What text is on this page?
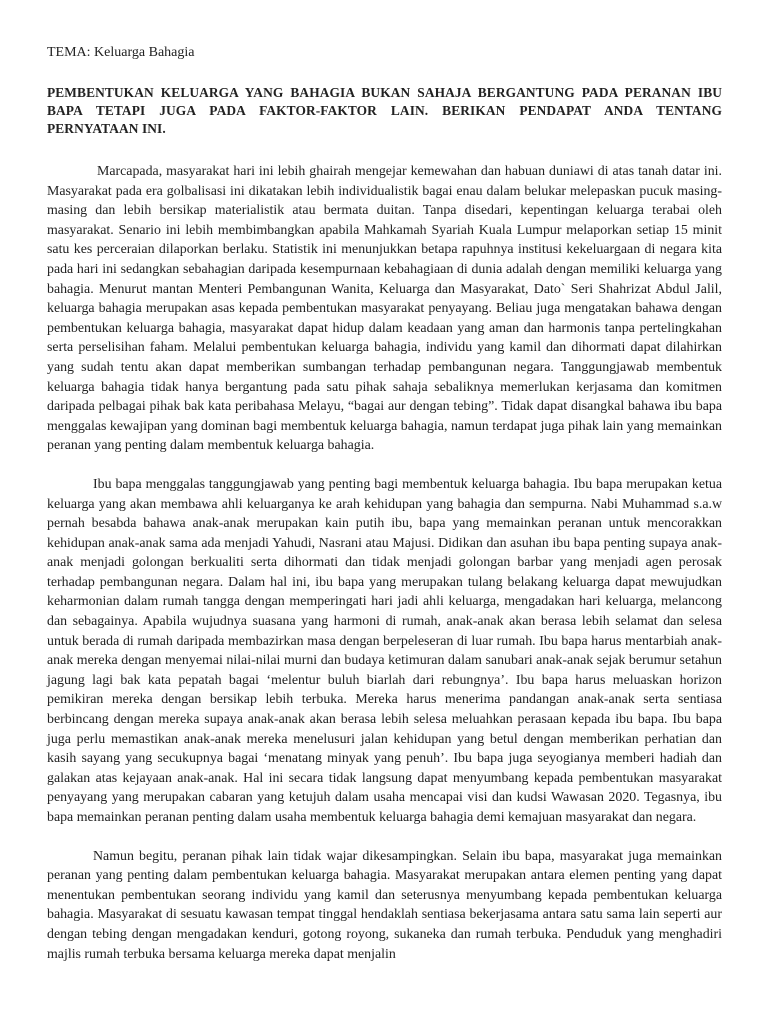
TEMA: Keluarga Bahagia

PEMBENTUKAN KELUARGA YANG BAHAGIA BUKAN SAHAJA BERGANTUNG PADA PERANAN IBU BAPA TETAPI JUGA PADA FAKTOR-FAKTOR LAIN. BERIKAN PENDAPAT ANDA TENTANG PERNYATAAN INI.

Marcapada, masyarakat hari ini lebih ghairah mengejar kemewahan dan habuan duniawi di atas tanah datar ini. Masyarakat pada era golbalisasi ini dikatakan lebih individualistik bagai enau dalam belukar melepaskan pucuk masing-masing dan lebih bersikap materialistik atau bermata duitan. Tanpa disedari, kepentingan keluarga terabai oleh masyarakat. Senario ini lebih membimbangkan apabila Mahkamah Syariah Kuala Lumpur melaporkan setiap 15 minit satu kes perceraian dilaporkan berlaku. Statistik ini menunjukkan betapa rapuhnya institusi kekeluargaan di negara kita pada hari ini sedangkan sebahagian daripada kesempurnaan kebahagiaan di dunia adalah dengan memiliki keluarga yang bahagia. Menurut mantan Menteri Pembangunan Wanita, Keluarga dan Masyarakat, Dato` Seri Shahrizat Abdul Jalil, keluarga bahagia merupakan asas kepada pembentukan masyarakat penyayang. Beliau juga mengatakan bahawa dengan pembentukan keluarga bahagia, masyarakat dapat hidup dalam keadaan yang aman dan harmonis tanpa pertelingkahan serta perselisihan faham. Melalui pembentukan keluarga bahagia, individu yang kamil dan dihormati dapat dilahirkan yang sudah tentu akan dapat memberikan sumbangan terhadap pembangunan negara. Tanggungjawab membentuk keluarga bahagia tidak hanya bergantung pada satu pihak sahaja sebaliknya memerlukan kerjasama dan komitmen daripada pelbagai pihak bak kata peribahasa Melayu, “bagai aur dengan tebing”. Tidak dapat disangkal bahawa ibu bapa menggalas kewajipan yang dominan bagi membentuk keluarga bahagia, namun terdapat juga pihak lain yang memainkan peranan yang penting dalam membentuk keluarga bahagia.

Ibu bapa menggalas tanggungjawab yang penting bagi membentuk keluarga bahagia. Ibu bapa merupakan ketua keluarga yang akan membawa ahli keluarganya ke arah kehidupan yang bahagia dan sempurna. Nabi Muhammad s.a.w pernah besabda bahawa anak-anak merupakan kain putih ibu, bapa yang memainkan peranan untuk mencorakkan kehidupan anak-anak sama ada menjadi Yahudi, Nasrani atau Majusi. Didikan dan asuhan ibu bapa penting supaya anak-anak menjadi golongan berkualiti serta dihormati dan tidak menjadi golongan barbar yang menjadi agen perosak terhadap pembangunan negara. Dalam hal ini, ibu bapa yang merupakan tulang belakang keluarga dapat mewujudkan keharmonian dalam rumah tangga dengan memperingati hari jadi ahli keluarga, mengadakan hari keluarga, melancong dan sebagainya. Apabila wujudnya suasana yang harmoni di rumah, anak-anak akan berasa lebih selamat dan selesa untuk berada di rumah daripada membazirkan masa dengan berpeleseran di luar rumah. Ibu bapa harus mentarbiah anak-anak mereka dengan menyemai nilai-nilai murni dan budaya ketimuran dalam sanubari anak-anak sejak berumur setahun jagung lagi bak kata pepatah bagai ‘melentur buluh biarlah dari rebungnya’. Ibu bapa harus meluaskan horizon pemikiran mereka dengan bersikap lebih terbuka. Mereka harus menerima pandangan anak-anak serta sentiasa berbincang dengan mereka supaya anak-anak akan berasa lebih selesa meluahkan perasaan kepada ibu bapa. Ibu bapa juga perlu memastikan anak-anak mereka menelusuri jalan kehidupan yang betul dengan memberikan perhatian dan kasih sayang yang secukupnya bagai ‘menatang minyak yang penuh’. Ibu bapa juga seyogianya memberi hadiah dan galakan atas kejayaan anak-anak. Hal ini secara tidak langsung dapat menyumbang kepada pembentukan masyarakat penyayang yang merupakan cabaran yang ketujuh dalam usaha mencapai visi dan kudsi Wawasan 2020. Tegasnya, ibu bapa memainkan peranan penting dalam usaha membentuk keluarga bahagia demi kemajuan masyarakat dan negara.

Namun begitu, peranan pihak lain tidak wajar dikesampingkan. Selain ibu bapa, masyarakat juga memainkan peranan yang penting dalam pembentukan keluarga bahagia. Masyarakat merupakan antara elemen penting yang dapat menentukan pembentukan seorang individu yang kamil dan seterusnya menyumbang kepada pembentukan keluarga bahagia. Masyarakat di sesuatu kawasan tempat tinggal hendaklah sentiasa bekerjasama antara satu sama lain seperti aur dengan tebing dengan mengadakan kenduri, gotong royong, sukaneka dan rumah terbuka. Penduduk yang menghadiri majlis rumah terbuka bersama keluarga mereka dapat menjalin
